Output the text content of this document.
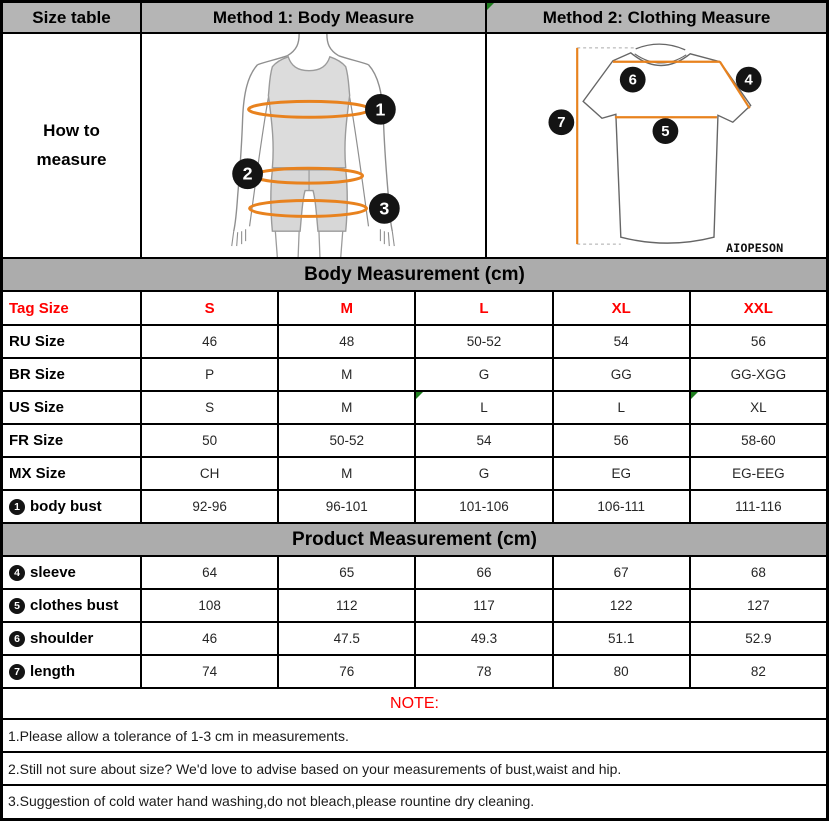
Size table	Method 1: Body Measure	Method 2: Clothing Measure
How to measure
1
2
3
6	4
5
7
AIOPESON
Body Measurement (cm)
Tag Size	S	M	L	XL	XXL
RU Size	46	48	50-52	54	56
BR Size	P	M	G	GG	GG-XGG
US Size	S	M	L	L	XL
FR Size	50	50-52	54	56	58-60
MX Size	CH	M	G	EG	EG-EEG
1 body bust	92-96	96-101	101-106	106-111	111-116
Product Measurement (cm)
4 sleeve	64	65	66	67	68
5 clothes bust	108	112	117	122	127
6 shoulder	46	47.5	49.3	51.1	52.9
7 length	74	76	78	80	82
NOTE:
1.Please allow a tolerance of 1-3 cm in measurements.
2.Still not sure about size? We'd love to advise based on your measurements of bust,waist and hip.
3.Suggestion of cold water hand washing,do not bleach,please rountine dry cleaning.
